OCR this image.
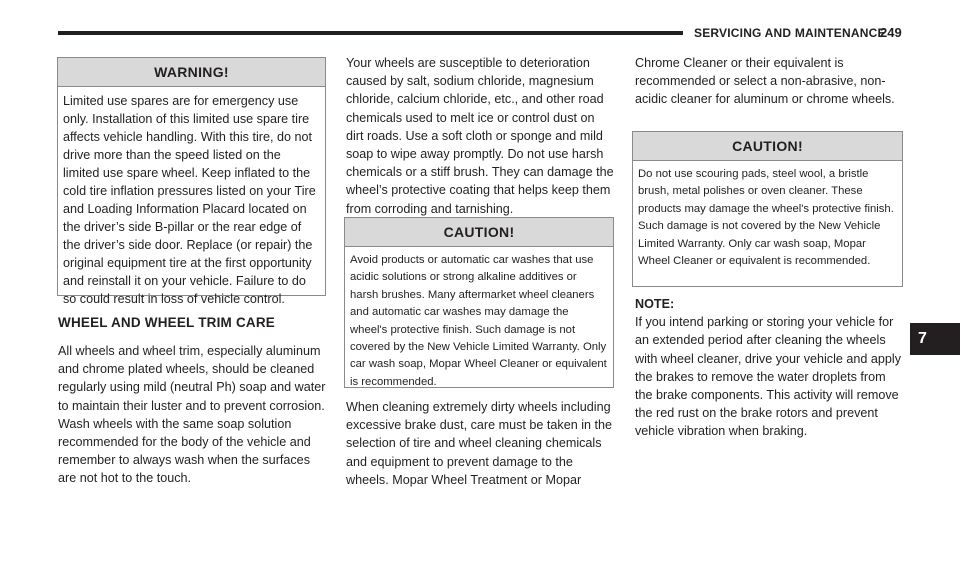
SERVICING AND MAINTENANCE
249
7
WARNING!
Limited use spares are for emergency use only. Installation of this limited use spare tire affects vehicle handling. With this tire, do not drive more than the speed listed on the limited use spare wheel. Keep inflated to the cold tire inflation pressures listed on your Tire and Loading Information Placard located on the driver’s side B-pillar or the rear edge of the driver’s side door. Replace (or repair) the original equipment tire at the first opportunity and reinstall it on your vehicle. Failure to do so could result in loss of vehicle control.
WHEEL AND WHEEL TRIM CARE

All wheels and wheel trim, especially aluminum and chrome plated wheels, should be cleaned regularly using mild (neutral Ph) soap and water to maintain their luster and to prevent corrosion. Wash wheels with the same soap solution recommended for the body of the vehicle and remember to always wash when the surfaces are not hot to the touch.

Your wheels are susceptible to deterioration caused by salt, sodium chloride, magnesium chloride, calcium chloride, etc., and other road chemicals used to melt ice or control dust on dirt roads. Use a soft cloth or sponge and mild soap to wipe away promptly. Do not use harsh chemicals or a stiff brush. They can damage the wheel’s protective coating that helps keep them from corroding and tarnishing.

CAUTION!
Avoid products or automatic car washes that use acidic solutions or strong alkaline additives or harsh brushes. Many aftermarket wheel cleaners and automatic car washes may damage the wheel's protective finish. Such damage is not covered by the New Vehicle Limited Warranty. Only car wash soap, Mopar Wheel Cleaner or equivalent is recommended.

When cleaning extremely dirty wheels including excessive brake dust, care must be taken in the selection of tire and wheel cleaning chemicals and equipment to prevent damage to the wheels. Mopar Wheel Treatment or Mopar

Chrome Cleaner or their equivalent is recommended or select a non-abrasive, non-acidic cleaner for aluminum or chrome wheels.

CAUTION!
Do not use scouring pads, steel wool, a bristle brush, metal polishes or oven cleaner. These products may damage the wheel's protective finish. Such damage is not covered by the New Vehicle Limited Warranty. Only car wash soap, Mopar Wheel Cleaner or equivalent is recommended.
NOTE:
If you intend parking or storing your vehicle for an extended period after cleaning the wheels with wheel cleaner, drive your vehicle and apply the brakes to remove the water droplets from the brake components. This activity will remove the red rust on the brake rotors and prevent vehicle vibration when braking.
